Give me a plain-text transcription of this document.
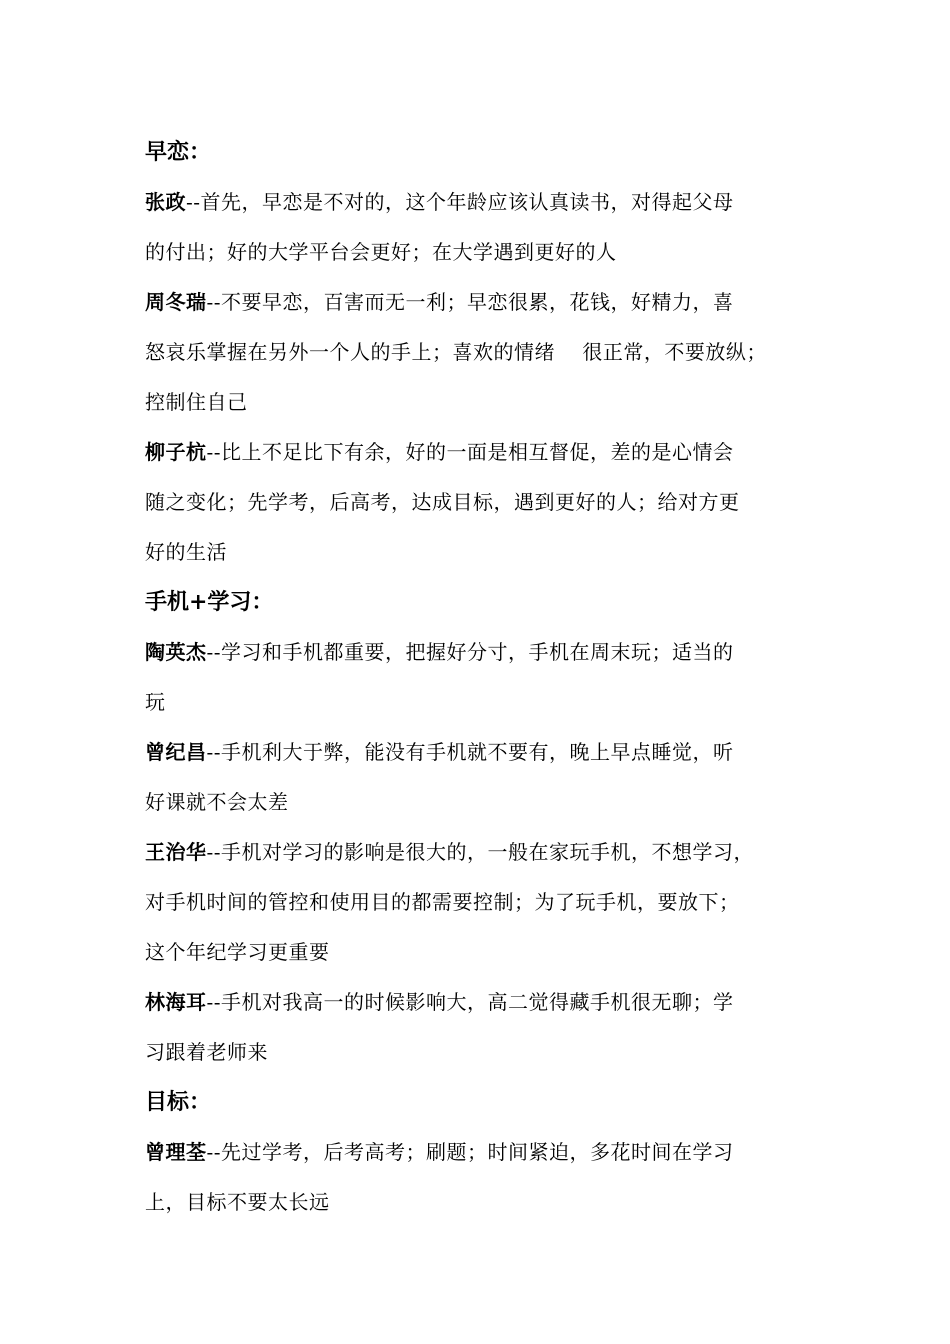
早恋：
张政--首先，早恋是不对的，这个年龄应该认真读书，对得起父母
的付出；好的大学平台会更好；在大学遇到更好的人
周冬瑞--不要早恋，百害而无一利；早恋很累，花钱，好精力，喜
怒哀乐掌握在另外一个人的手上；喜欢的情绪    很正常，不要放纵；
控制住自己
柳子杭--比上不足比下有余，好的一面是相互督促，差的是心情会
随之变化；先学考，后高考，达成目标，遇到更好的人；给对方更
好的生活
手机+学习：
陶英杰--学习和手机都重要，把握好分寸，手机在周末玩；适当的
玩
曾纪昌--手机利大于弊，能没有手机就不要有，晚上早点睡觉，听
好课就不会太差
王治华--手机对学习的影响是很大的，一般在家玩手机，不想学习，
对手机时间的管控和使用目的都需要控制；为了玩手机，要放下；
这个年纪学习更重要
林海耳--手机对我高一的时候影响大，高二觉得藏手机很无聊；学
习跟着老师来
目标：
曾理荃--先过学考，后考高考；刷题；时间紧迫，多花时间在学习
上，目标不要太长远
